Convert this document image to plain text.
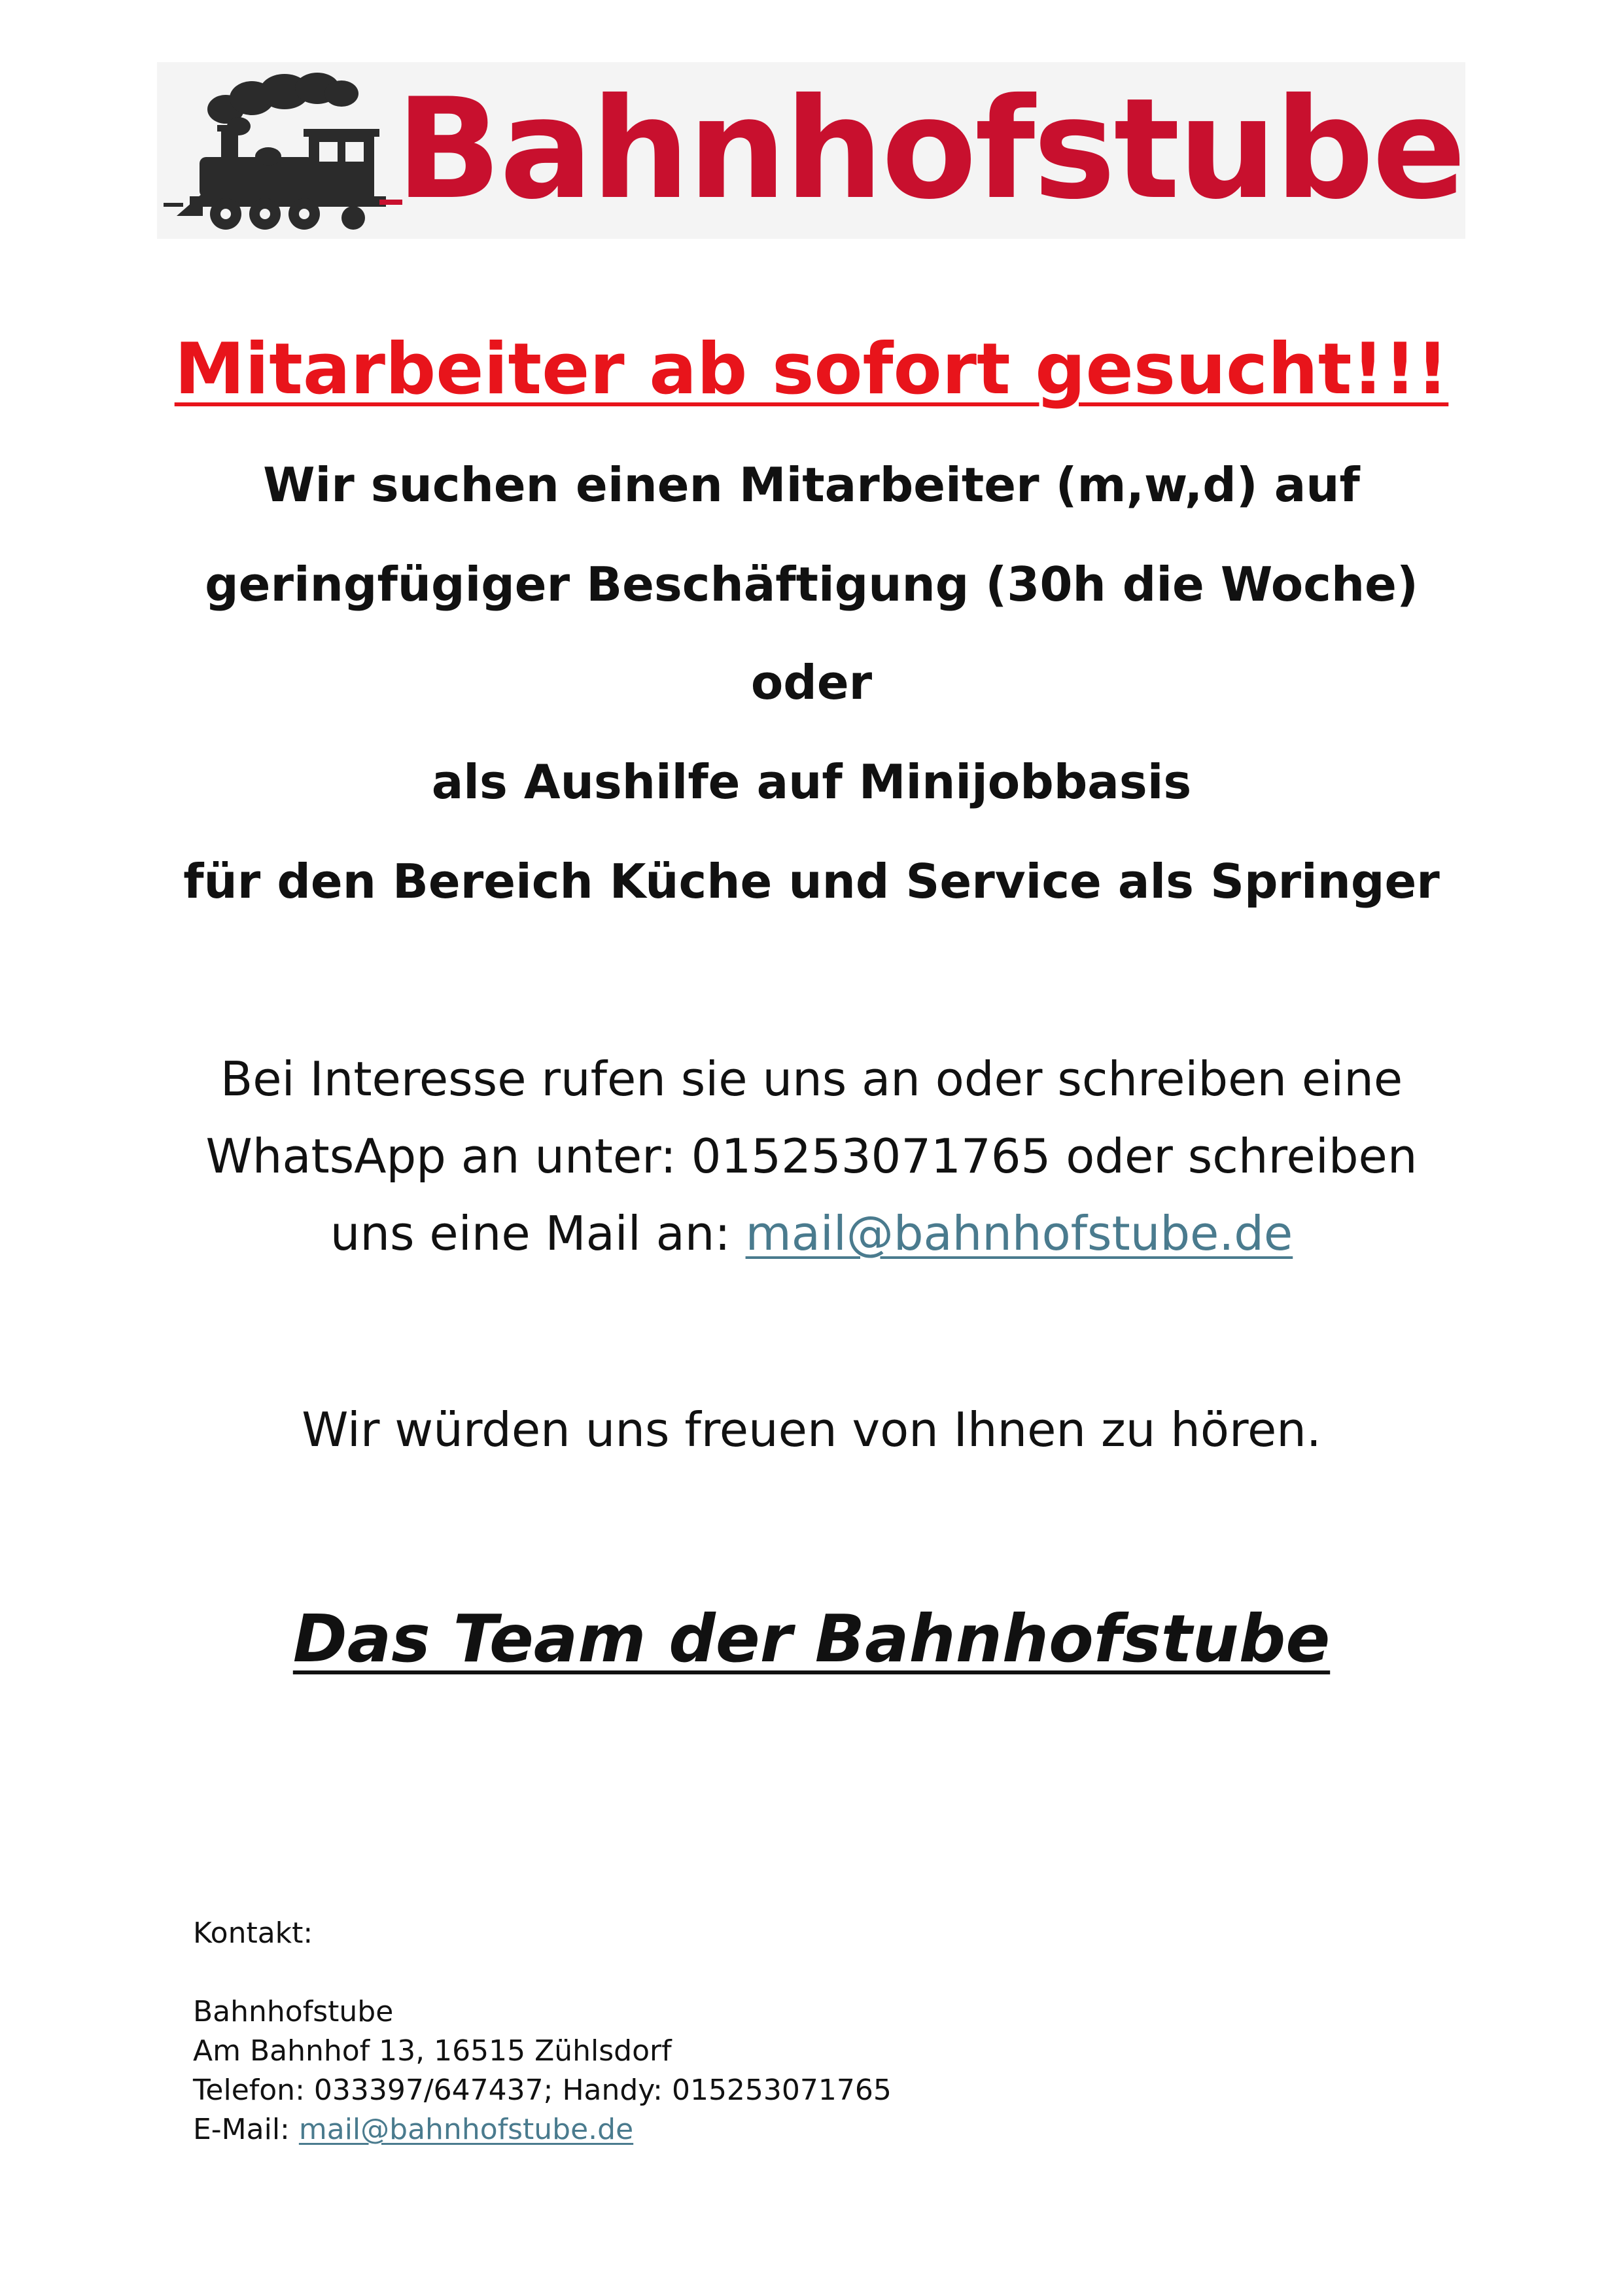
Bahnhofstube
Mitarbeiter ab sofort gesucht!!!
Wir suchen einen Mitarbeiter (m,w,d) auf
geringfügiger Beschäftigung (30h die Woche)
oder
als Aushilfe auf Minijobbasis
für den Bereich Küche und Service als Springer
Bei Interesse rufen sie uns an oder schreiben eine
WhatsApp an unter: 015253071765 oder schreiben
uns eine Mail an: mail@bahnhofstube.de
Wir würden uns freuen von Ihnen zu hören.
Das Team der Bahnhofstube
Kontakt:
Bahnhofstube
Am Bahnhof 13, 16515 Zühlsdorf
Telefon: 033397/647437; Handy: 015253071765
E-Mail: mail@bahnhofstube.de
